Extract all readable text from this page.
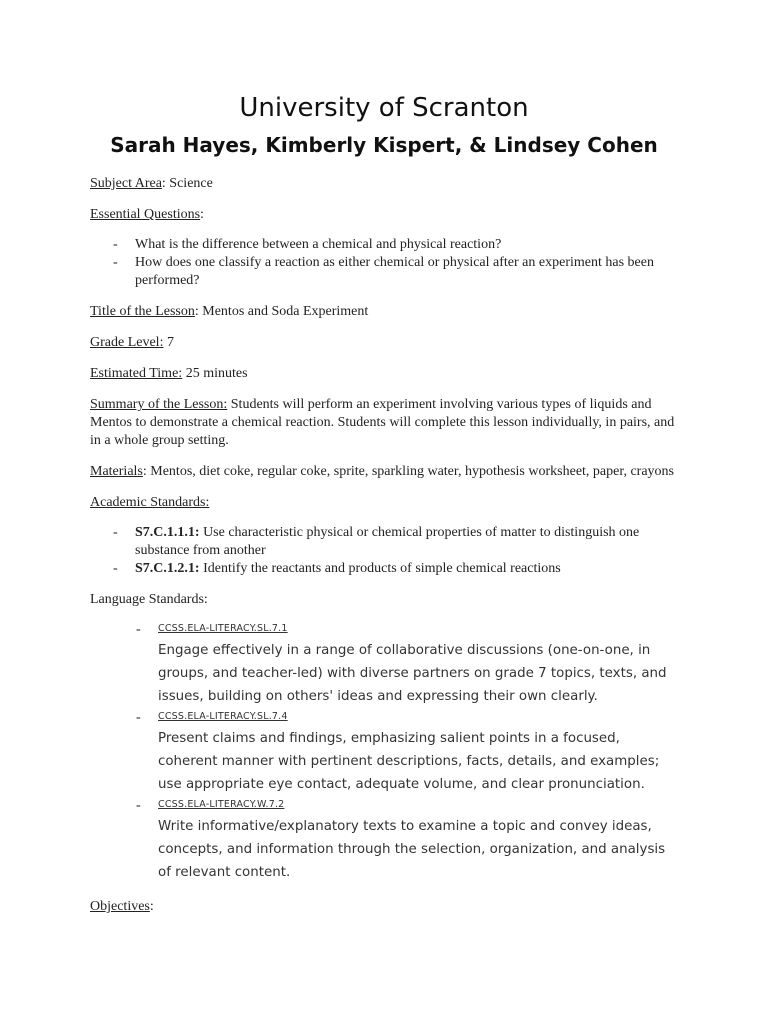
University of Scranton
Sarah Hayes, Kimberly Kispert, & Lindsey Cohen

Subject Area: Science

Essential Questions:

- What is the difference between a chemical and physical reaction?
- How does one classify a reaction as either chemical or physical after an experiment has been performed?

Title of the Lesson: Mentos and Soda Experiment

Grade Level: 7

Estimated Time: 25 minutes

Summary of the Lesson: Students will perform an experiment involving various types of liquids and Mentos to demonstrate a chemical reaction. Students will complete this lesson individually, in pairs, and in a whole group setting.

Materials: Mentos, diet coke, regular coke, sprite, sparkling water, hypothesis worksheet, paper, crayons

Academic Standards:

- S7.C.1.1.1: Use characteristic physical or chemical properties of matter to distinguish one substance from another
- S7.C.1.2.1: Identify the reactants and products of simple chemical reactions

Language Standards:

- CCSS.ELA-LITERACY.SL.7.1

Engage effectively in a range of collaborative discussions (one-on-one, in groups, and teacher-led) with diverse partners on grade 7 topics, texts, and issues, building on others' ideas and expressing their own clearly.

- CCSS.ELA-LITERACY.SL.7.4

Present claims and findings, emphasizing salient points in a focused, coherent manner with pertinent descriptions, facts, details, and examples; use appropriate eye contact, adequate volume, and clear pronunciation.

- CCSS.ELA-LITERACY.W.7.2

Write informative/explanatory texts to examine a topic and convey ideas, concepts, and information through the selection, organization, and analysis of relevant content.

Objectives:
